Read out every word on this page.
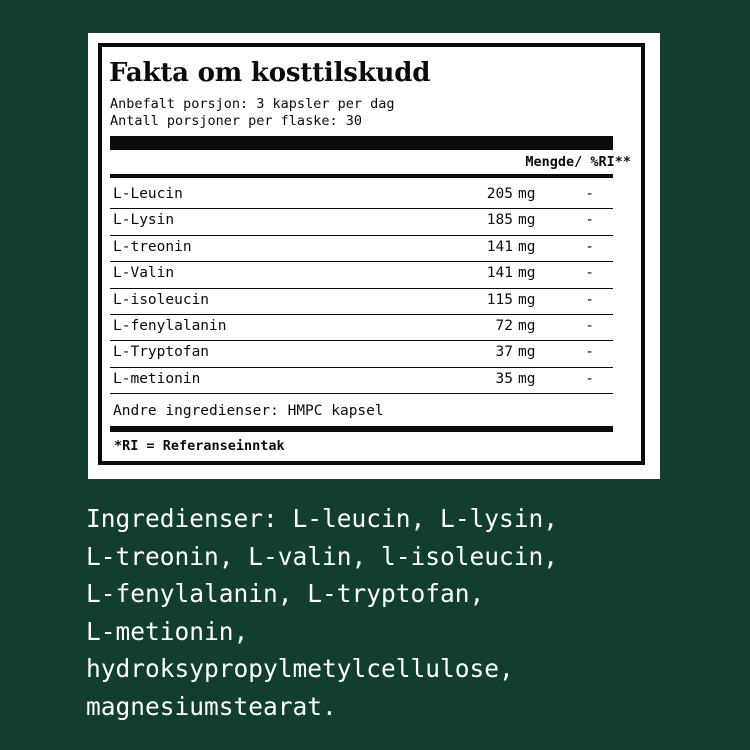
Fakta om kosttilskudd
Anbefalt porsjon: 3 kapsler per dag
Antall porsjoner per flaske: 30
Mengde/ %RI**
L-Leucin	205 mg	-
L-Lysin	185 mg	-
L-treonin	141 mg	-
L-Valin	141 mg	-
L-isoleucin	115 mg	-
L-fenylalanin	72 mg	-
L-Tryptofan	37 mg	-
L-metionin	35 mg	-
Andre ingredienser: HMPC kapsel
*RI = Referanseinntak
Ingredienser: L-leucin, L-lysin,
L-treonin, L-valin, l-isoleucin,
L-fenylalanin, L-tryptofan,
L-metionin,
hydroksypropylmetylcellulose,
magnesiumstearat.
